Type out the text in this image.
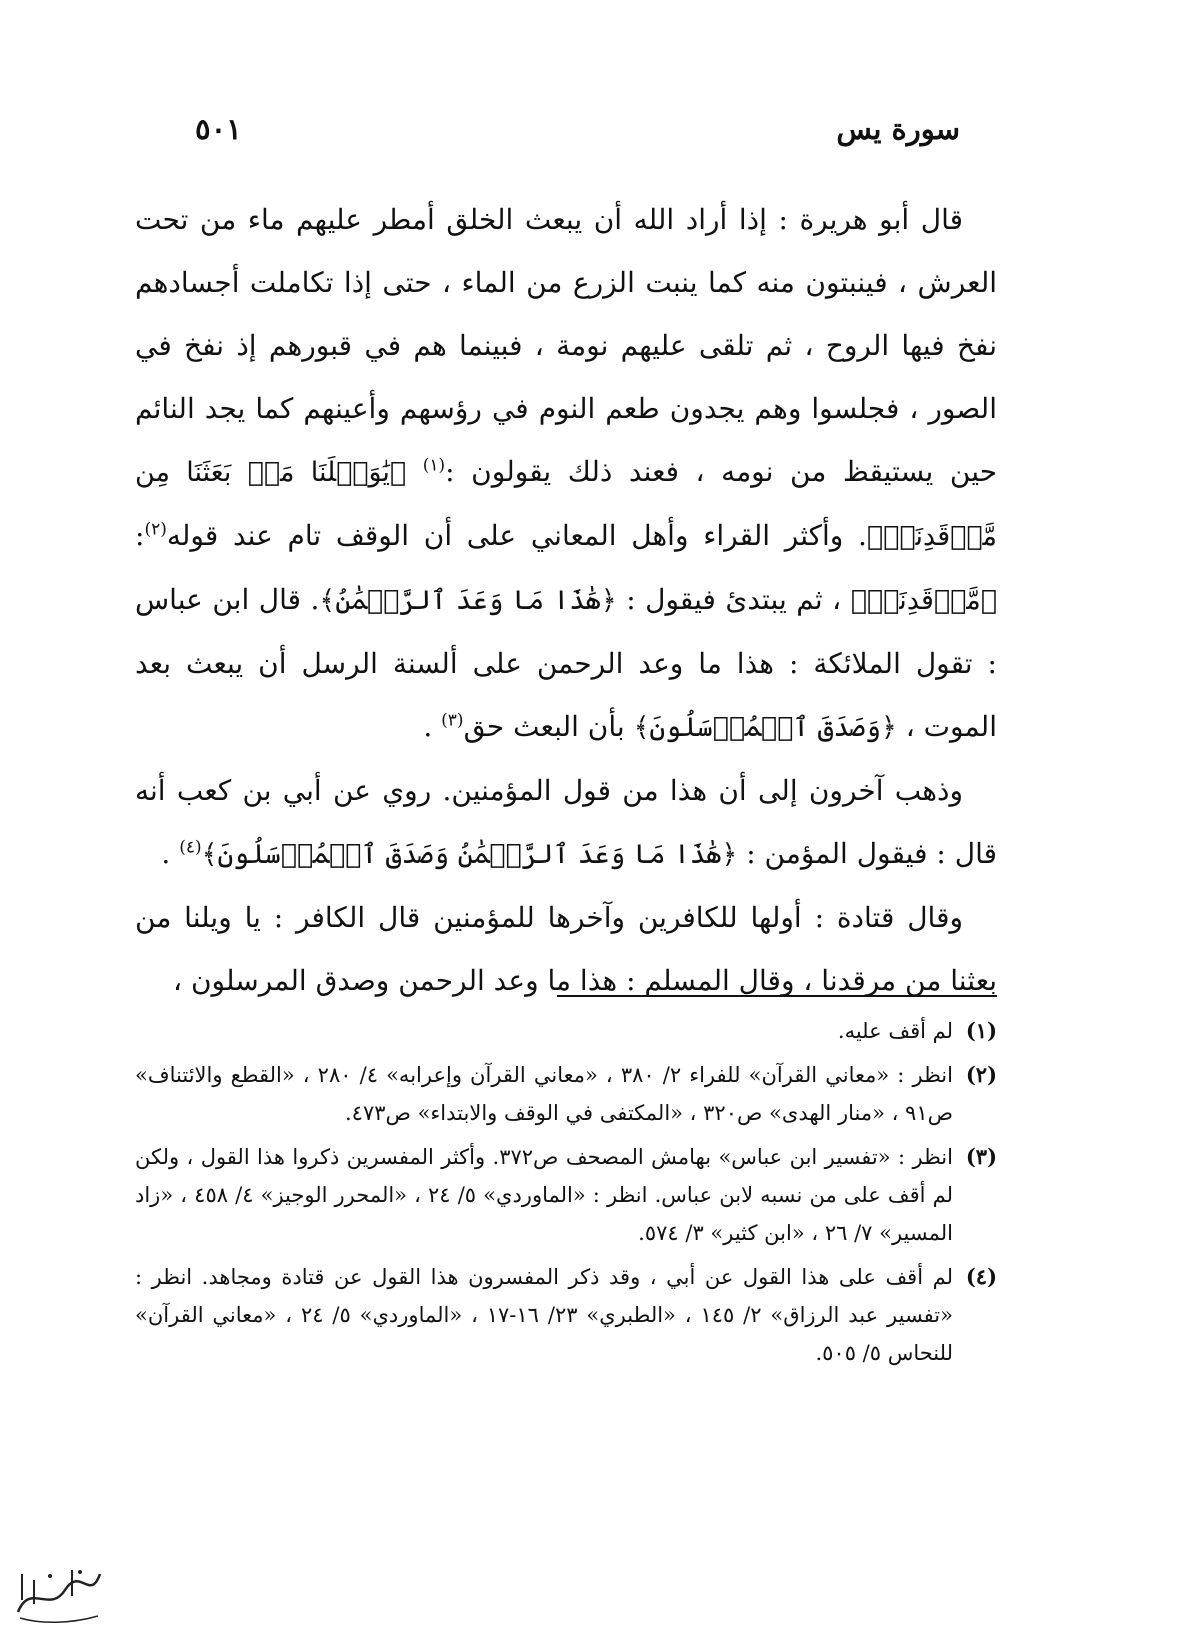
سورة يس
٥٠١

قال أبو هريرة : إذا أراد الله أن يبعث الخلق أمطر عليهم ماء من تحت العرش ، فينبتون منه كما ينبت الزرع من الماء ، حتى إذا تكاملت أجسادهم نفخ فيها الروح ، ثم تلقى عليهم نومة ، فبينما هم في قبورهم إذ نفخ في الصور ، فجلسوا وهم يجدون طعم النوم في رؤسهم وأعينهم كما يجد النائم حين يستيقظ من نومه ، فعند ذلك يقولون :$^{(١)}$ ﴿يَٰوَيۡلَنَا مَنۢ بَعَثَنَا مِن مَّرۡقَدِنَاۜ﴾. وأكثر القراء وأهل المعاني على أن الوقف تام عند قوله$^{(٢)}$: ﴿مَّرۡقَدِنَاۜ﴾ ، ثم يبتدئ فيقول : ﴿هَٰذَا مَا وَعَدَ ٱلرَّحۡمَٰنُ﴾. قال ابن عباس : تقول الملائكة : هذا ما وعد الرحمن على ألسنة الرسل أن يبعث بعد الموت ، ﴿وَصَدَقَ ٱلۡمُرۡسَلُونَ﴾ بأن البعث حق$^{(٣)}$ .

وذهب آخرون إلى أن هذا من قول المؤمنين. روي عن أبي بن كعب أنه قال : فيقول المؤمن : ﴿هَٰذَا مَا وَعَدَ ٱلرَّحۡمَٰنُ وَصَدَقَ ٱلۡمُرۡسَلُونَ﴾$^{(٤)}$ .

وقال قتادة : أولها للكافرين وآخرها للمؤمنين قال الكافر : يا ويلنا من بعثنا من مرقدنا ، وقال المسلم : هذا ما وعد الرحمن وصدق المرسلون ،

(١)
لم أقف عليه.
(٢)
انظر : «معاني القرآن» للفراء ٢/ ٣٨٠ ، «معاني القرآن وإعرابه» ٤/ ٢٨٠ ، «القطع والائتناف» ص٩١ ، «منار الهدى» ص٣٢٠ ، «المكتفى في الوقف والابتداء» ص٤٧٣.
(٣)
انظر : «تفسير ابن عباس» بهامش المصحف ص٣٧٢. وأكثر المفسرين ذكروا هذا القول ، ولكن لم أقف على من نسبه لابن عباس. انظر : «الماوردي» ٥/ ٢٤ ، «المحرر الوجيز» ٤/ ٤٥٨ ، «زاد المسير» ٧/ ٢٦ ، «ابن كثير» ٣/ ٥٧٤.
(٤)
لم أقف على هذا القول عن أبي ، وقد ذكر المفسرون هذا القول عن قتادة ومجاهد. انظر : «تفسير عبد الرزاق» ٢/ ١٤٥ ، «الطبري» ٢٣/ ١٦-١٧ ، «الماوردي» ٥/ ٢٤ ، «معاني القرآن» للنحاس ٥/ ٥٠٥.
